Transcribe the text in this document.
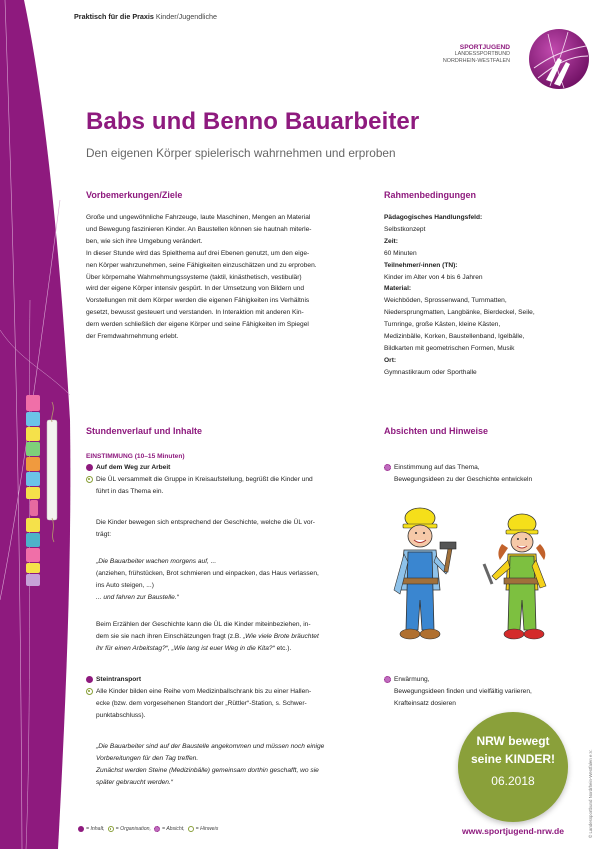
Praktisch für die Praxis Kinder/Jugendliche
SPORTJUGEND
LANDESSPORTBUND
NORDRHEIN-WESTFALEN
Babs und Benno Bauarbeiter
Den eigenen Körper spielerisch wahrnehmen und erproben
Vorbemerkungen/Ziele
Große und ungewöhnliche Fahrzeuge, laute Maschinen, Mengen an Material
und Bewegung faszinieren Kinder. An Baustellen können sie hautnah miterle-
ben, wie sich ihre Umgebung verändert.
In dieser Stunde wird das Spielthema auf drei Ebenen genutzt, um den eige-
nen Körper wahrzunehmen, seine Fähigkeiten einzuschätzen und zu erproben.
Über körpernahe Wahrnehmungssysteme (taktil, kinästhetisch, vestibulär)
wird der eigene Körper intensiv gespürt. In der Umsetzung von Bildern und
Vorstellungen mit dem Körper werden die eigenen Fähigkeiten ins Verhältnis
gesetzt, bewusst gesteuert und verstanden. In Interaktion mit anderen Kin-
dern werden schließlich der eigene Körper und seine Fähigkeiten im Spiegel
der Fremdwahrnehmung erlebt.
Rahmenbedingungen
Pädagogisches Handlungsfeld:
Selbstkonzept
Zeit:
60 Minuten
Teilnehmer/-innen (TN):
Kinder im Alter von 4 bis 6 Jahren
Material:
Weichböden, Sprossenwand, Turnmatten,
Niedersprungmatten, Langbänke, Bierdeckel, Seile,
Turnringe, große Kästen, kleine Kästen,
Medizinbälle, Korken, Baustellenband, Igelbälle,
Bildkarten mit geometrischen Formen, Musik
Ort:
Gymnastikraum oder Sporthalle
Stundenverlauf und Inhalte
EINSTIMMUNG (10–15 Minuten)
Auf dem Weg zur Arbeit
Die ÜL versammelt die Gruppe in Kreisaufstellung, begrüßt die Kinder und
führt in das Thema ein.
Die Kinder bewegen sich entsprechend der Geschichte, welche die ÜL vor-
trägt:
„Die Bauarbeiter wachen morgens auf, ...
(anziehen, frühstücken, Brot schmieren und einpacken, das Haus verlassen,
ins Auto steigen, ...)
... und fahren zur Baustelle.“
Beim Erzählen der Geschichte kann die ÜL die Kinder miteinbeziehen, in-
dem sie sie nach ihren Einschätzungen fragt (z.B. „Wie viele Brote bräuchtet
ihr für einen Arbeitstag?“, „Wie lang ist euer Weg in die Kita?“ etc.).
Steintransport
Alle Kinder bilden eine Reihe vom Medizinballschrank bis zu einer Hallen-
ecke (bzw. dem vorgesehenen Standort der „Rüttler“-Station, s. Schwer-
punktabschluss).
„Die Bauarbeiter sind auf der Baustelle angekommen und müssen noch einige
Vorbereitungen für den Tag treffen.
Zunächst werden Steine (Medizinbälle) gemeinsam dorthin geschafft, wo sie
später gebraucht werden.“
Absichten und Hinweise
Einstimmung auf das Thema,
Bewegungsideen zu der Geschichte entwickeln
Erwärmung,
Bewegungsideen finden und vielfältig variieren,
Krafteinsatz dosieren
NRW bewegt
seine KINDER!
06.2018
= Inhalt, = Organisation, = Absicht, = Hinweis	www.sportjugend-nrw.de	© Landessportbund Nordrhein-Westfalen e.V.
